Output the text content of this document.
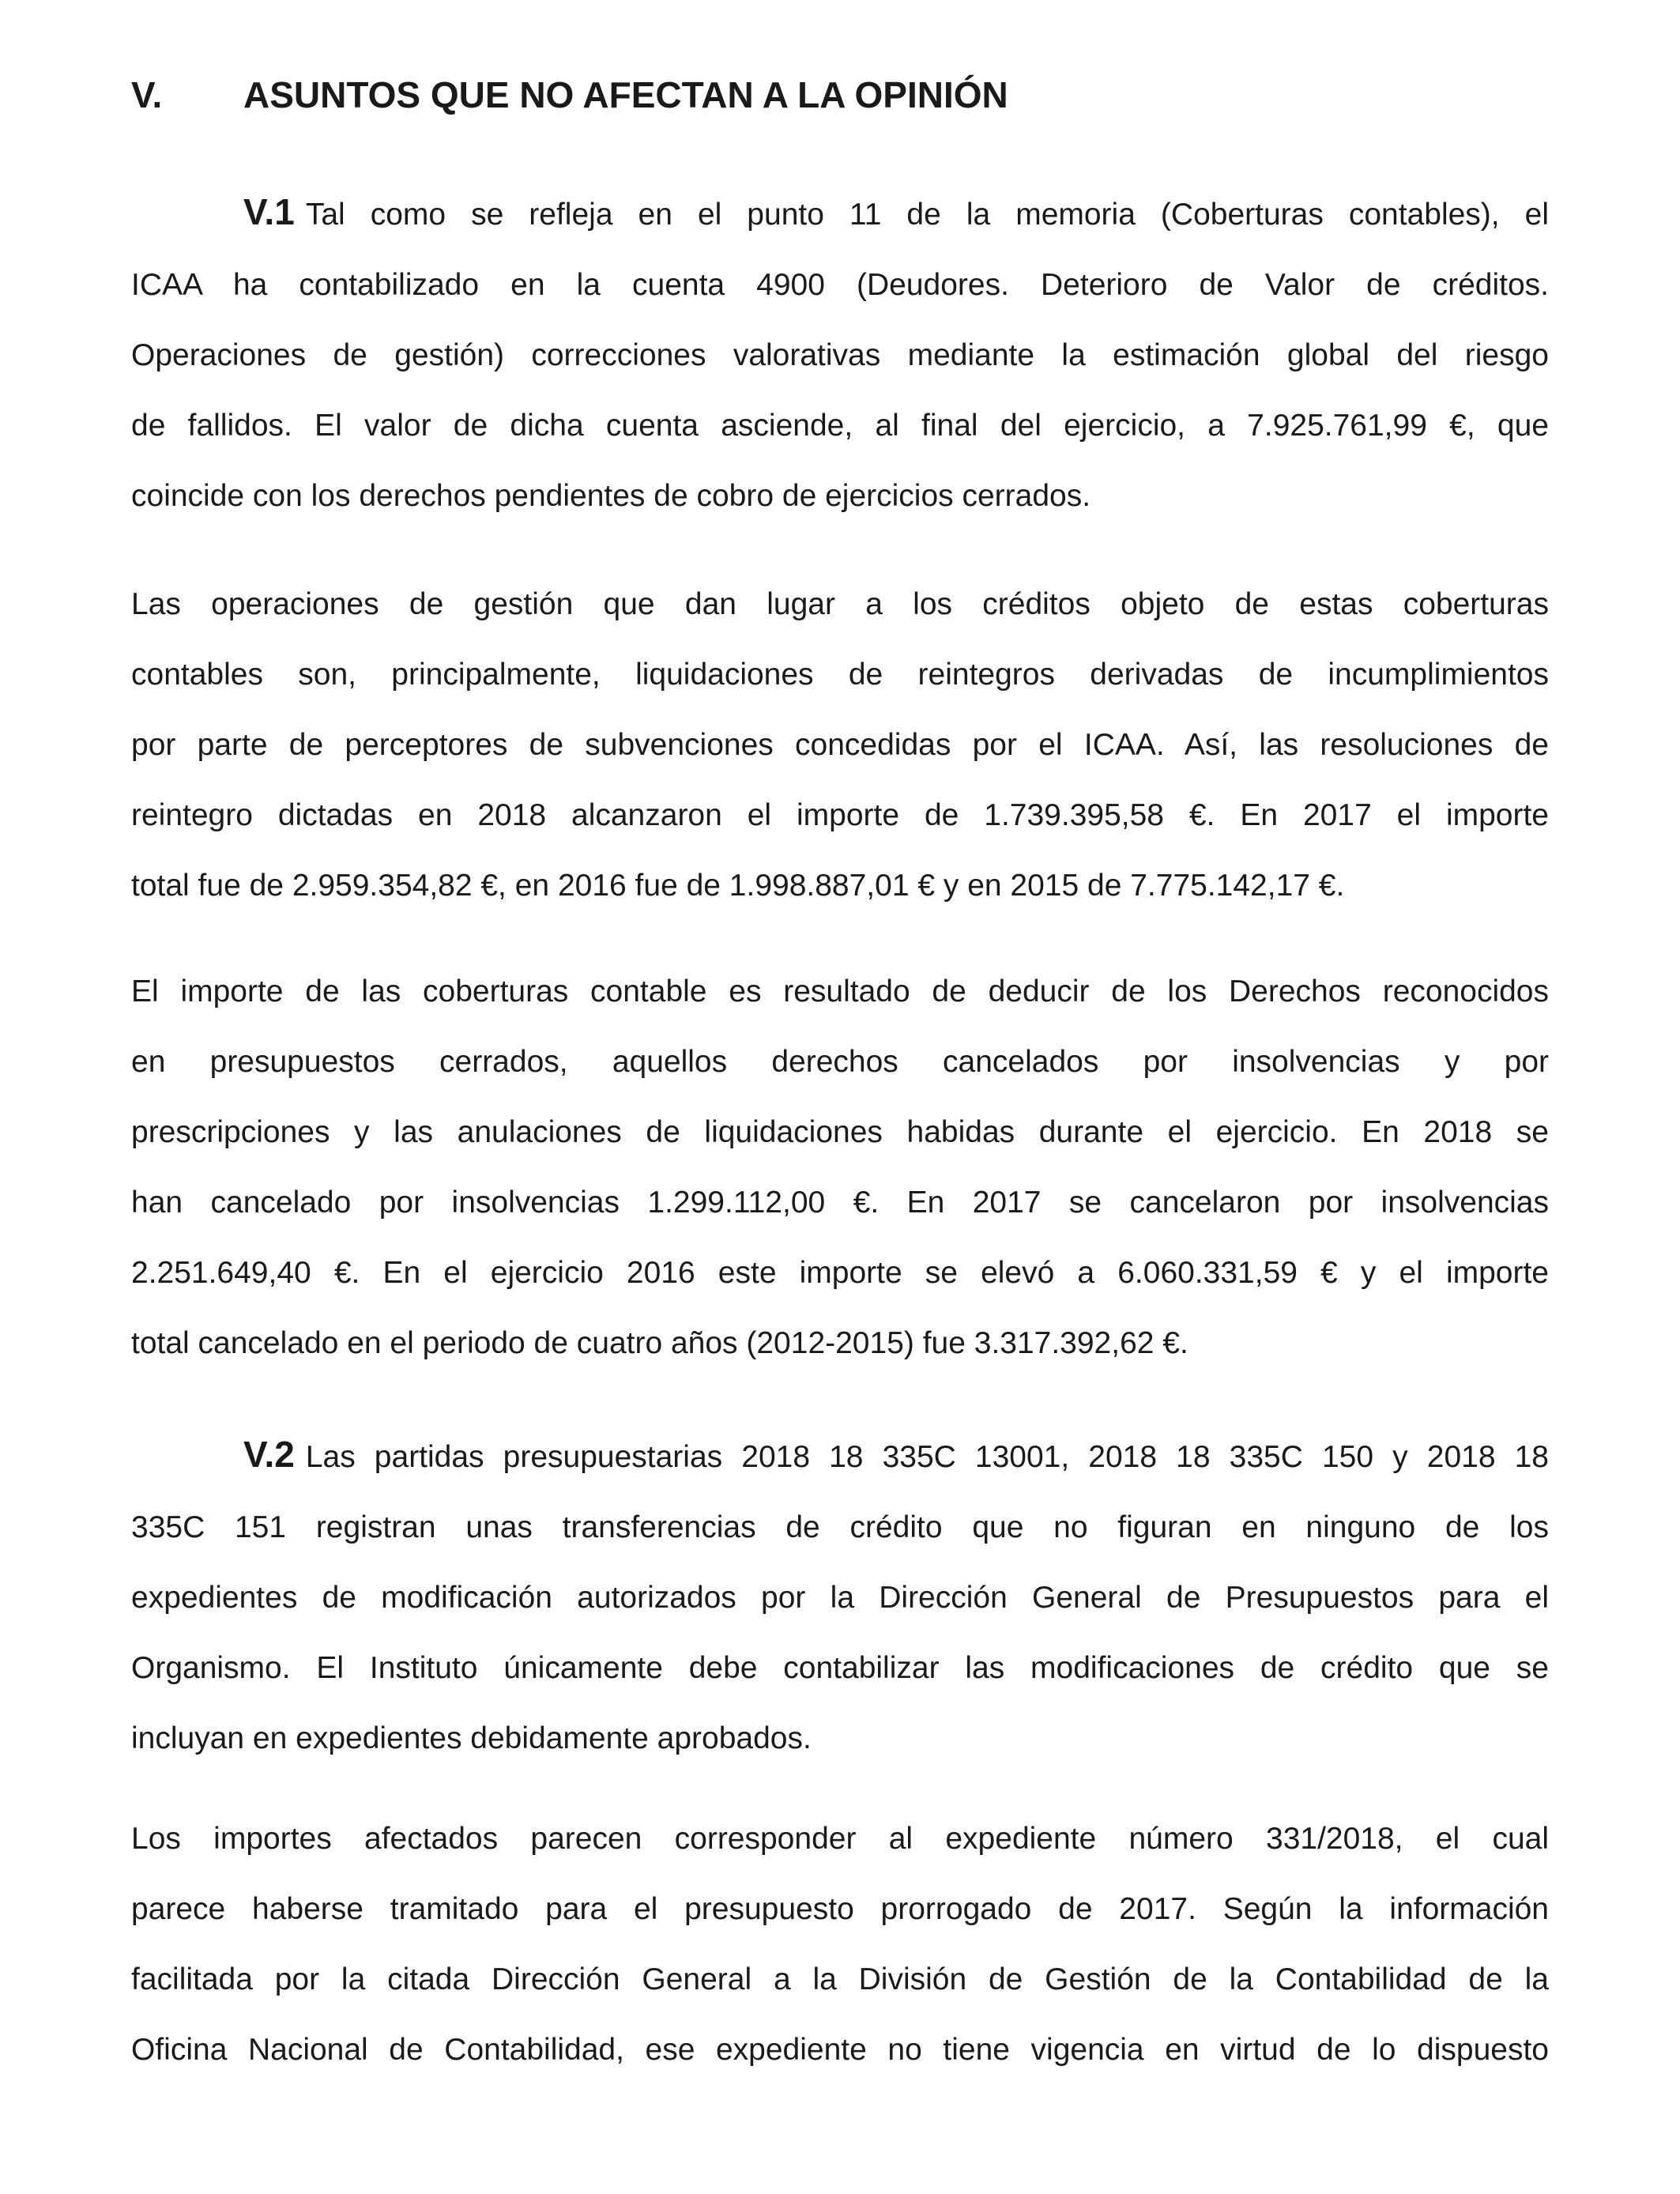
V. ASUNTOS QUE NO AFECTAN A LA OPINIÓN
V.1 Tal como se refleja en el punto 11 de la memoria (Coberturas contables), el
ICAA ha contabilizado en la cuenta 4900 (Deudores. Deterioro de Valor de créditos.
Operaciones de gestión) correcciones valorativas mediante la estimación global del riesgo
de fallidos. El valor de dicha cuenta asciende, al final del ejercicio, a 7.925.761,99 €, que
coincide con los derechos pendientes de cobro de ejercicios cerrados.
Las operaciones de gestión que dan lugar a los créditos objeto de estas coberturas
contables son, principalmente, liquidaciones de reintegros derivadas de incumplimientos
por parte de perceptores de subvenciones concedidas por el ICAA. Así, las resoluciones de
reintegro dictadas en 2018 alcanzaron el importe de 1.739.395,58 €. En 2017 el importe
total fue de 2.959.354,82 €, en 2016 fue de 1.998.887,01 € y en 2015 de 7.775.142,17 €.
El importe de las coberturas contable es resultado de deducir de los Derechos reconocidos
en presupuestos cerrados, aquellos derechos cancelados por insolvencias y por
prescripciones y las anulaciones de liquidaciones habidas durante el ejercicio. En 2018 se
han cancelado por insolvencias 1.299.112,00 €. En 2017 se cancelaron por insolvencias
2.251.649,40 €. En el ejercicio 2016 este importe se elevó a 6.060.331,59 € y el importe
total cancelado en el periodo de cuatro años (2012-2015) fue 3.317.392,62 €.
V.2 Las partidas presupuestarias 2018 18 335C 13001, 2018 18 335C 150 y 2018 18
335C 151 registran unas transferencias de crédito que no figuran en ninguno de los
expedientes de modificación autorizados por la Dirección General de Presupuestos para el
Organismo. El Instituto únicamente debe contabilizar las modificaciones de crédito que se
incluyan en expedientes debidamente aprobados.
Los importes afectados parecen corresponder al expediente número 331/2018, el cual
parece haberse tramitado para el presupuesto prorrogado de 2017. Según la información
facilitada por la citada Dirección General a la División de Gestión de la Contabilidad de la
Oficina Nacional de Contabilidad, ese expediente no tiene vigencia en virtud de lo dispuesto
